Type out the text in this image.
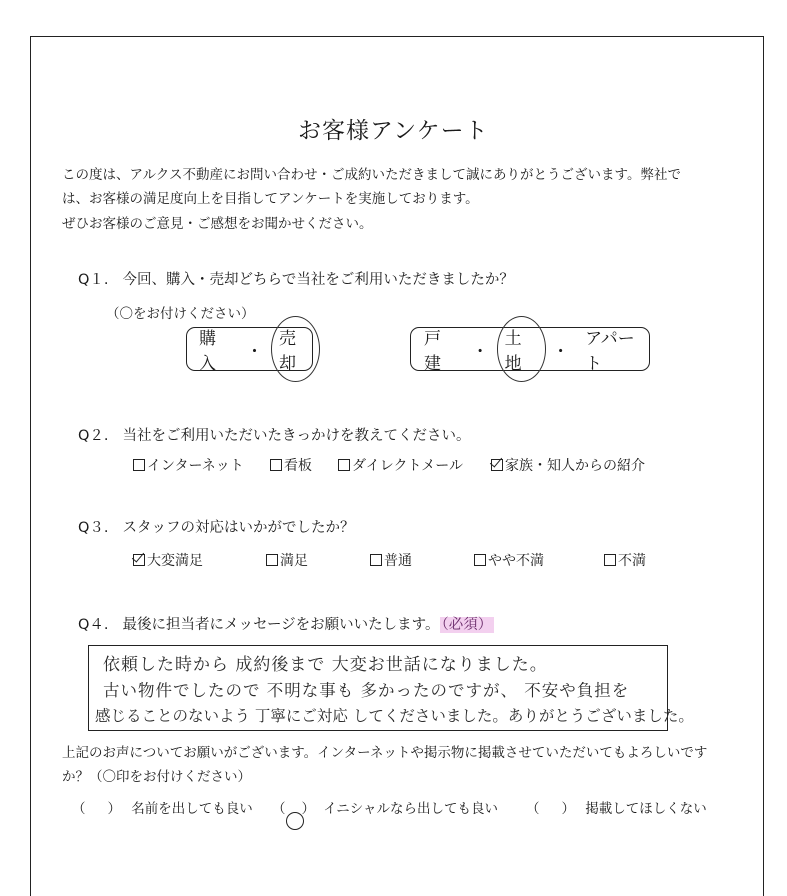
お客様アンケート
この度は、アルクス不動産にお問い合わせ・ご成約いただきまして誠にありがとうございます。弊社で
は、お客様の満足度向上を目指してアンケートを実施しております。
ぜひお客様のご意見・ご感想をお聞かせください。
Q１. 今回、購入・売却どちらで当社をご利用いただきましたか？
（〇をお付けください）
購入
・
売却
戸建
・
土地
・
アパート
Q２. 当社をご利用いただいたきっかけを教えてください。
インターネット	看板	ダイレクトメール	家族・知人からの紹介
Q３. スタッフの対応はいかがでしたか？
大変満足	満足	普通	やや不満	不満
Q４. 最後に担当者にメッセージをお願いいたします。 （必須）
依頼した時から 成約後まで 大変お世話になりました。
古い物件でしたので 不明な事も 多かったのですが、 不安や負担を
感じることのないよう 丁寧にご対応 してくださいました。ありがとうございました。
上記のお声についてお願いがございます。インターネットや掲示物に掲載させていただいてもよろしいです
か？（〇印をお付けください）
（ ） 名前を出しても良い （ ） イニシャルなら出しても良い （ ） 掲載してほしくない
